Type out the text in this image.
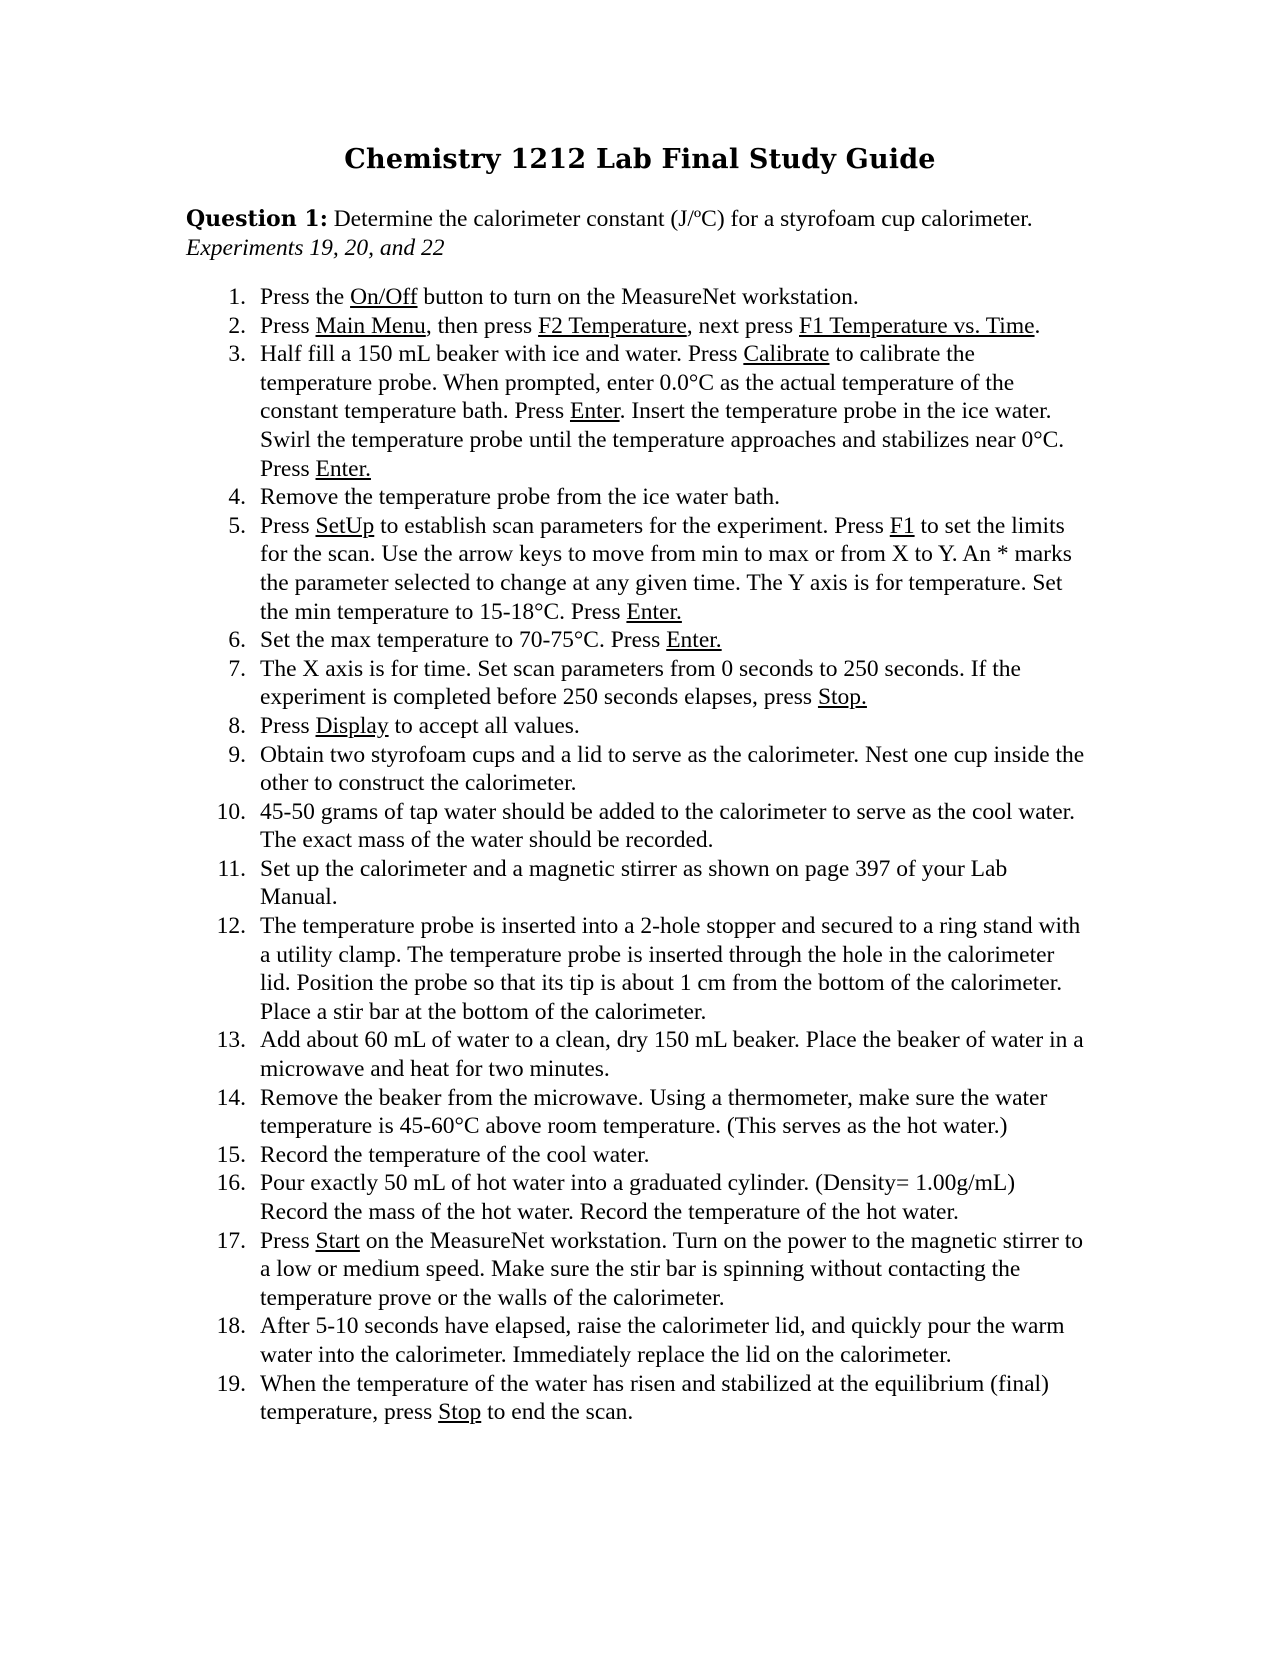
Chemistry 1212 Lab Final Study Guide
Question 1: Determine the calorimeter constant (J/ºC) for a styrofoam cup calorimeter.
Experiments 19, 20, and 22
1. Press the On/Off button to turn on the MeasureNet workstation.
2. Press Main Menu, then press F2 Temperature, next press F1 Temperature vs. Time.
3. Half fill a 150 mL beaker with ice and water. Press Calibrate to calibrate the temperature probe. When prompted, enter 0.0°C as the actual temperature of the constant temperature bath. Press Enter. Insert the temperature probe in the ice water. Swirl the temperature probe until the temperature approaches and stabilizes near 0°C. Press Enter.
4. Remove the temperature probe from the ice water bath.
5. Press SetUp to establish scan parameters for the experiment. Press F1 to set the limits for the scan. Use the arrow keys to move from min to max or from X to Y. An * marks the parameter selected to change at any given time. The Y axis is for temperature. Set the min temperature to 15-18°C. Press Enter.
6. Set the max temperature to 70-75°C. Press Enter.
7. The X axis is for time. Set scan parameters from 0 seconds to 250 seconds. If the experiment is completed before 250 seconds elapses, press Stop.
8. Press Display to accept all values.
9. Obtain two styrofoam cups and a lid to serve as the calorimeter. Nest one cup inside the other to construct the calorimeter.
10. 45-50 grams of tap water should be added to the calorimeter to serve as the cool water. The exact mass of the water should be recorded.
11. Set up the calorimeter and a magnetic stirrer as shown on page 397 of your Lab Manual.
12. The temperature probe is inserted into a 2-hole stopper and secured to a ring stand with a utility clamp. The temperature probe is inserted through the hole in the calorimeter lid. Position the probe so that its tip is about 1 cm from the bottom of the calorimeter. Place a stir bar at the bottom of the calorimeter.
13. Add about 60 mL of water to a clean, dry 150 mL beaker. Place the beaker of water in a microwave and heat for two minutes.
14. Remove the beaker from the microwave. Using a thermometer, make sure the water temperature is 45-60°C above room temperature. (This serves as the hot water.)
15. Record the temperature of the cool water.
16. Pour exactly 50 mL of hot water into a graduated cylinder. (Density= 1.00g/mL) Record the mass of the hot water. Record the temperature of the hot water.
17. Press Start on the MeasureNet workstation. Turn on the power to the magnetic stirrer to a low or medium speed. Make sure the stir bar is spinning without contacting the temperature prove or the walls of the calorimeter.
18. After 5-10 seconds have elapsed, raise the calorimeter lid, and quickly pour the warm water into the calorimeter. Immediately replace the lid on the calorimeter.
19. When the temperature of the water has risen and stabilized at the equilibrium (final) temperature, press Stop to end the scan.
